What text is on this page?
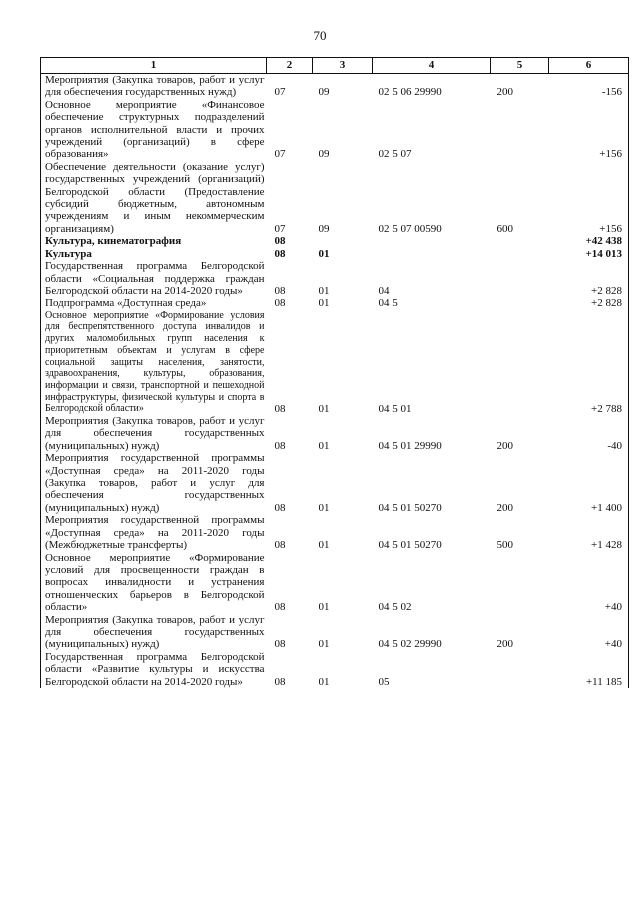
70
1	2	3	4	5	6
Мероприятия (Закупка товаров, работ и услуг для обеспечения государственных нужд)	07	09	02 5 06 29990	200	-156
Основное мероприятие «Финансовое обеспечение структурных подразделений органов исполнительной власти и прочих учреждений (организаций) в сфере образования»	07	09	02 5 07		+156
Обеспечение деятельности (оказание услуг) государственных учреждений (организаций) Белгородской области (Предоставление субсидий бюджетным, автономным учреждениям и иным некоммерческим организациям)	07	09	02 5 07 00590	600	+156
Культура, кинематография	08				+42 438
Культура	08	01			+14 013
Государственная программа Белгородской области «Социальная поддержка граждан Белгородской области на 2014-2020 годы»	08	01	04		+2 828
Подпрограмма «Доступная среда»	08	01	04 5		+2 828
Основное мероприятие «Формирование условия для беспрепятственного доступа инвалидов и других маломобильных групп населения к приоритетным объектам и услугам в сфере социальной защиты населения, занятости, здравоохранения, культуры, образования, информации и связи, транспортной и пешеходной инфраструктуры, физической культуры и спорта в Белгородской области»	08	01	04 5 01		+2 788
Мероприятия (Закупка товаров, работ и услуг для обеспечения государственных (муниципальных) нужд)	08	01	04 5 01 29990	200	-40
Мероприятия государственной программы «Доступная среда» на 2011-2020 годы (Закупка товаров, работ и услуг для обеспечения государственных (муниципальных) нужд)	08	01	04 5 01 50270	200	+1 400
Мероприятия государственной программы «Доступная среда» на 2011-2020 годы (Межбюджетные трансферты)	08	01	04 5 01 50270	500	+1 428
Основное мероприятие «Формирование условий для просвещенности граждан в вопросах инвалидности и устранения отношенческих барьеров в Белгородской области»	08	01	04 5 02		+40
Мероприятия (Закупка товаров, работ и услуг для обеспечения государственных (муниципальных) нужд)	08	01	04 5 02 29990	200	+40
Государственная программа Белгородской области «Развитие культуры и искусства Белгородской области на 2014-2020 годы»	08	01	05		+11 185
